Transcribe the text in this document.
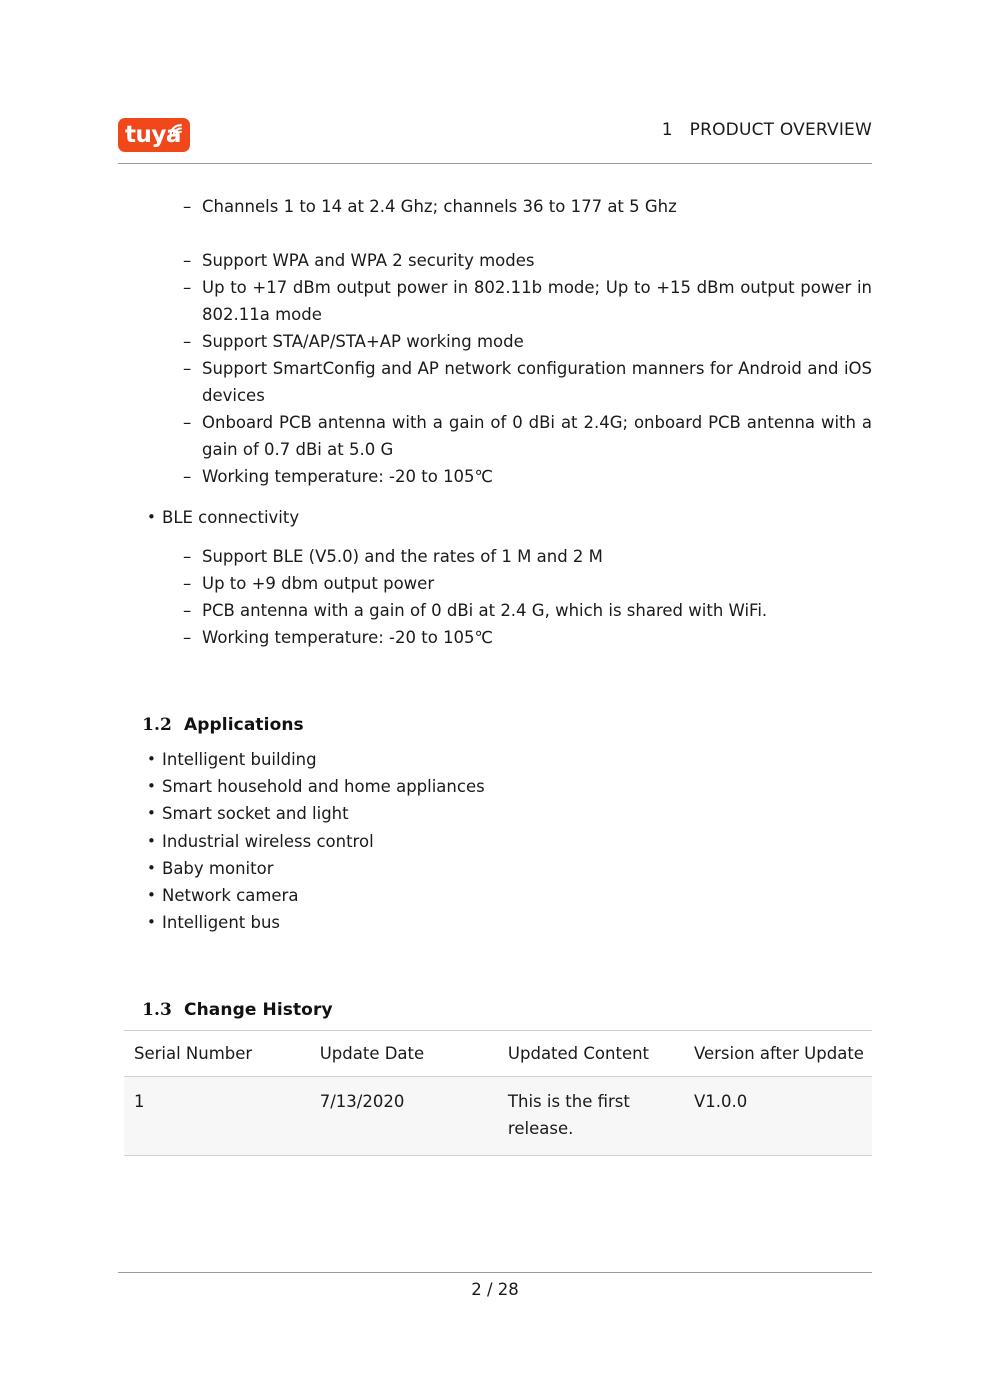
tuya	1   PRODUCT OVERVIEW
– Channels 1 to 14 at 2.4 Ghz; channels 36 to 177 at 5 Ghz
– Support WPA and WPA 2 security modes
– Up to +17 dBm output power in 802.11b mode; Up to +15 dBm output power in 802.11a mode
– Support STA/AP/STA+AP working mode
– Support SmartConfig and AP network configuration manners for Android and iOS devices
– Onboard PCB antenna with a gain of 0 dBi at 2.4G; onboard PCB antenna with a gain of 0.7 dBi at 5.0 G
– Working temperature: -20 to 105℃
• BLE connectivity
– Support BLE (V5.0) and the rates of 1 M and 2 M
– Up to +9 dbm output power
– PCB antenna with a gain of 0 dBi at 2.4 G, which is shared with WiFi.
– Working temperature: -20 to 105℃

1.2 Applications

• Intelligent building
• Smart household and home appliances
• Smart socket and light
• Industrial wireless control
• Baby monitor
• Network camera
• Intelligent bus

1.3 Change History

Serial Number	Update Date	Updated Content	Version after Update
1	7/13/2020	This is the first release.	V1.0.0
2 / 28
